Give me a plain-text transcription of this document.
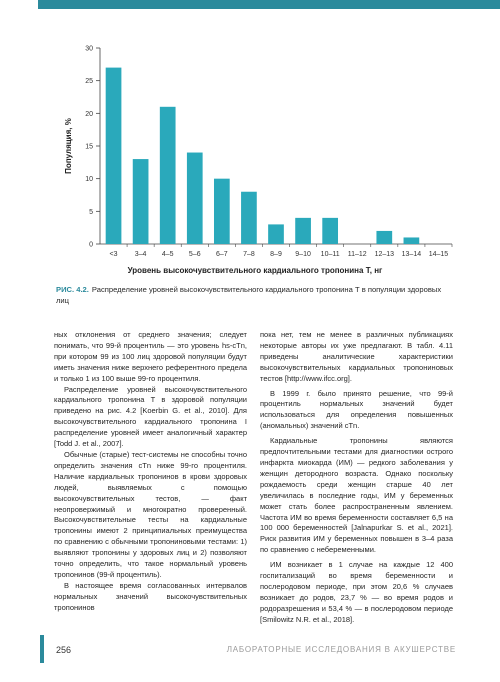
0
5
10
15
20
25
30
<3 3–4 4–5 5–6 6–7 7–8 8–9 9–10 10–11 11–12 12–13 13–14 14–15
Популяция, %
Уровень высокочувствительного кардиального тропонина Т, нг
РИС. 4.2. Распределение уровней высокочувствительного кардиального тропонина Т в популяции здоровых лиц

ных отклонения от среднего значения; следует понимать, что 99-й процентиль — это уровень hs-cTn, при котором 99 из 100 лиц здоровой популяции будут иметь значения ниже верхнего референтного предела и только 1 из 100 выше 99-го процентиля.

Распределение уровней высокочувствительного кардиального тропонина Т в здоровой популяции приведено на рис. 4.2 [Koerbin G. et al., 2010]. Для высокочувствительного кардиального тропонина I распределение уровней имеет аналогичный характер [Todd J. et al., 2007].

Обычные (старые) тест-системы не способны точно определить значения сTn ниже 99-го процентиля. Наличие кардиальных тропонинов в крови здоровых людей, выявляемых с помощью высокочувствительных тестов, — факт неопровержимый и многократно проверенный. Высокочувствительные тесты на кардиальные тропонины имеют 2 принципиальных преимущества по сравнению с обычными тропониновыми тестами: 1) выявляют тропонины у здоровых лиц и 2) позволяют точно определить, что такое нормальный уровень тропонинов (99-й процентиль).

В настоящее время согласованных интервалов нормальных значений высокочувствительных тропонинов

пока нет, тем не менее в различных публикациях некоторые авторы их уже предлагают. В табл. 4.11 приведены аналитические характеристики высокочувствительных кардиальных тропониновых тестов [http://www.ifcc.org].

В 1999 г. было принято решение, что 99-й процентиль нормальных значений будет использоваться для определения повышенных (аномальных) значений сTn.

Кардиальные тропонины являются предпочтительными тестами для диагностики острого инфаркта миокарда (ИМ) — редкого заболевания у женщин детородного возраста. Однако поскольку рождаемость среди женщин старше 40 лет увеличилась в последние годы, ИМ у беременных может стать более распространенным явлением. Частота ИМ во время беременности составляет 6,5 на 100 000 беременностей [Jalnapurkar S. et al., 2021]. Риск развития ИМ у беременных повышен в 3–4 раза по сравнению с небеременными.

ИМ возникает в 1 случае на каждые 12 400 госпитализаций во время беременности и послеродовом периоде, при этом 20,6 % случаев возникает до родов, 23,7 % — во время родов и родоразрешения и 53,4 % — в послеродовом периоде [Smilowitz N.R. et al., 2018].

256	ЛАБОРАТОРНЫЕ ИССЛЕДОВАНИЯ В АКУШЕРСТВЕ
